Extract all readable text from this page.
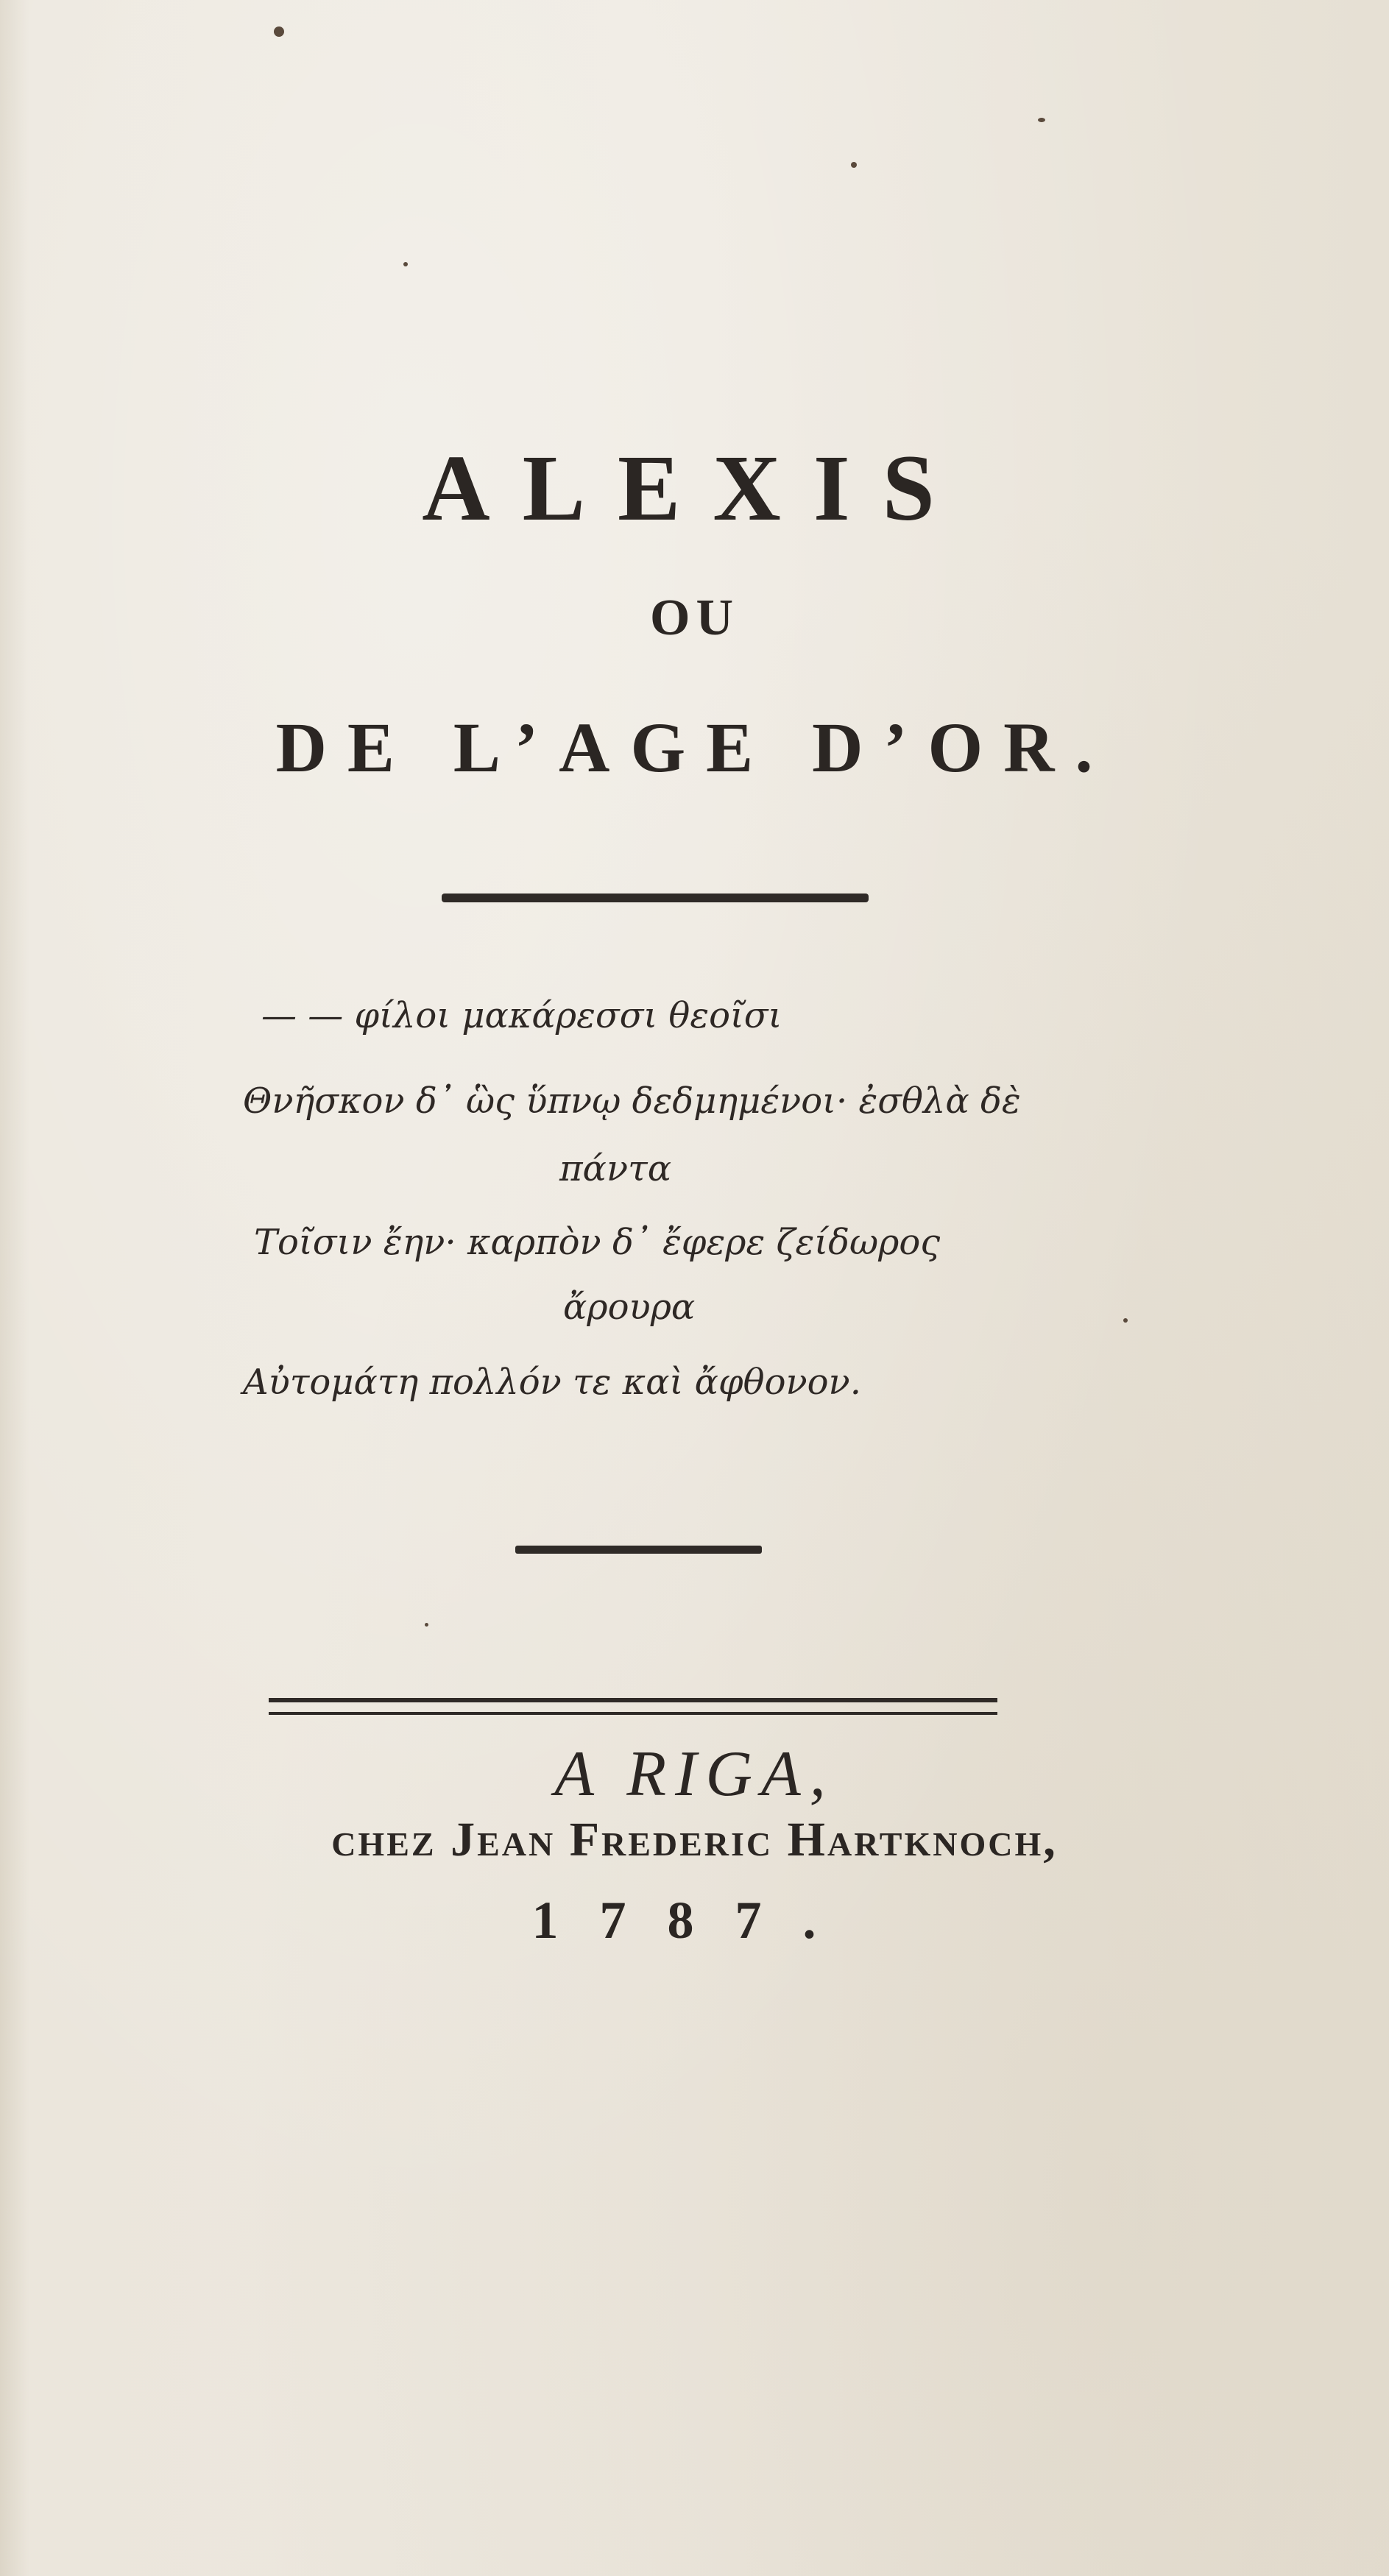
ALEXIS
OU
DE L’AGE D’OR.
— — φίλοι μακάρεσσι θεοῖσι
Θνῆσκον δ᾽ ὣς ὕπνῳ δεδμημένοι· ἐσθλὰ δὲ
πάντα
Τοῖσιν ἔην· καρπὸν δ᾽ ἔφερε ζείδωρος
ἄρουρα
Αὐτομάτη πολλόν τε καὶ ἄφθονον.
A RIGA,
chez Jean Frederic Hartknoch,
1787.
